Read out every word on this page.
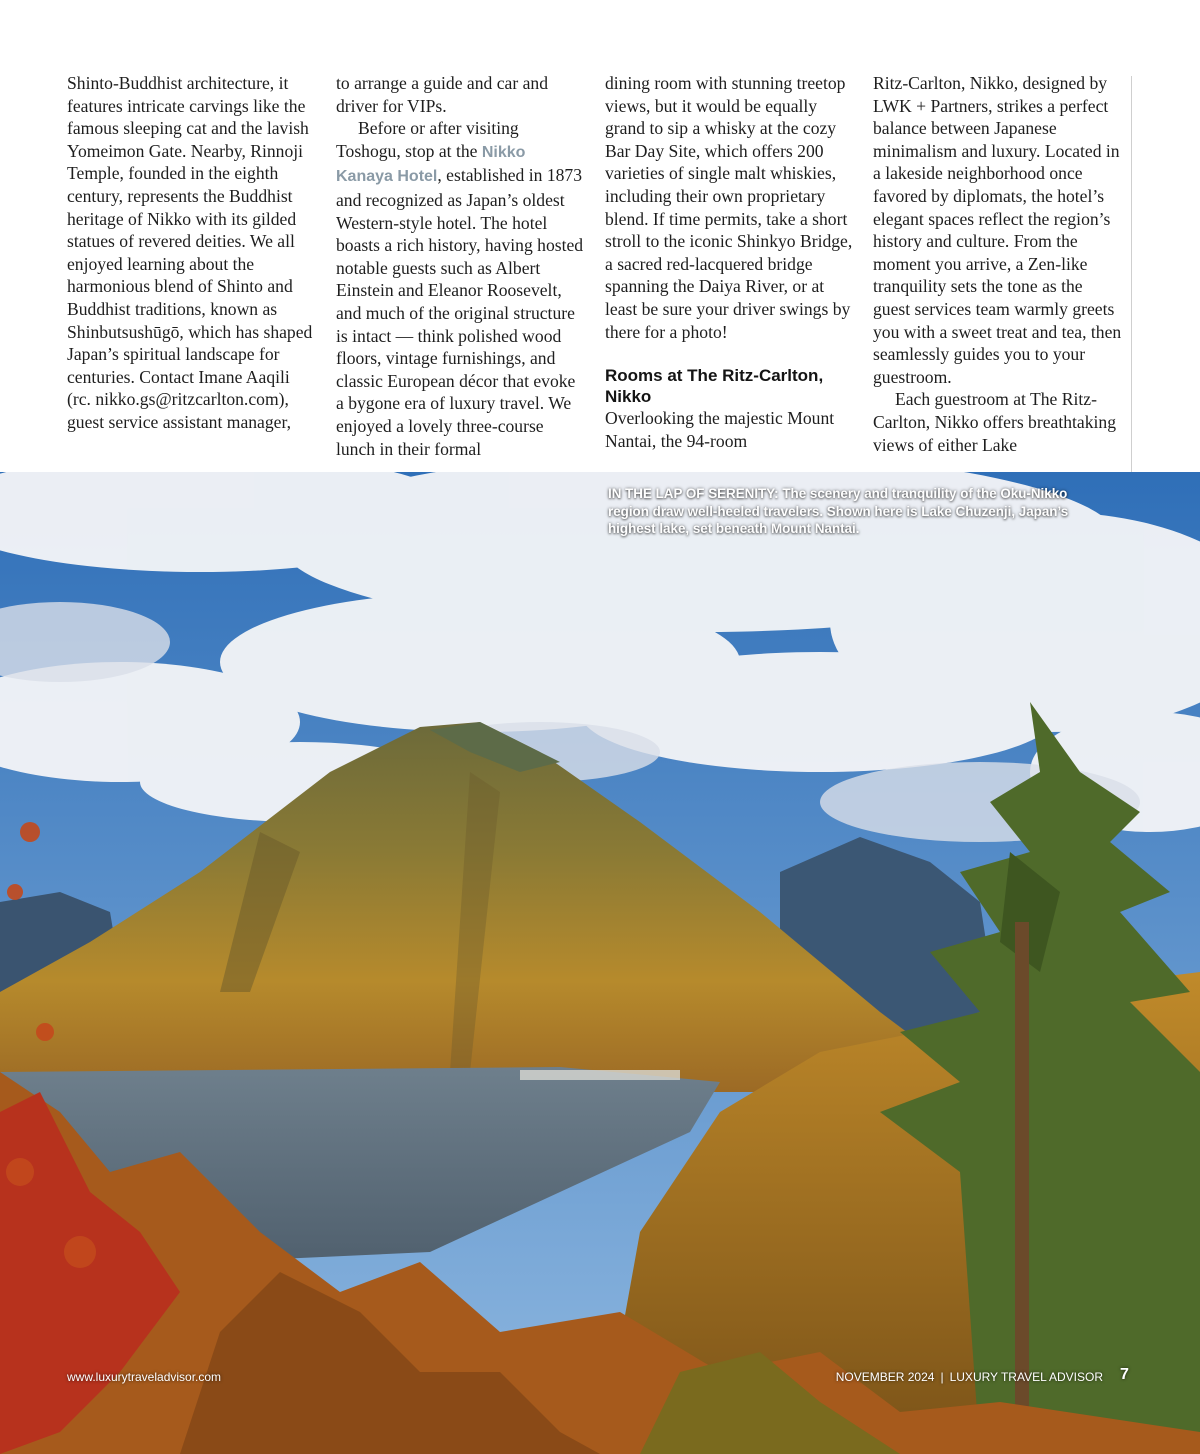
Shinto-Buddhist architecture, it features intricate carvings like the famous sleeping cat and the lavish Yomeimon Gate. Nearby, Rinnoji Temple, founded in the eighth century, represents the Buddhist heritage of Nikko with its gilded statues of revered deities. We all enjoyed learning about the harmonious blend of Shinto and Buddhist traditions, known as Shinbutsushūgō, which has shaped Japan’s spiritual landscape for centuries. Contact Imane Aaqili (rc. nikko.gs@ritzcarlton.com), guest service assistant manager,

to arrange a guide and car and driver for VIPs.

Before or after visiting Toshogu, stop at the Nikko Kanaya Hotel, established in 1873 and recognized as Japan’s oldest Western-style hotel. The hotel boasts a rich history, having hosted notable guests such as Albert Einstein and Eleanor Roosevelt, and much of the original structure is intact — think polished wood floors, vintage furnishings, and classic European décor that evoke a bygone era of luxury travel. We enjoyed a lovely three-course lunch in their formal

dining room with stunning treetop views, but it would be equally grand to sip a whisky at the cozy Bar Day Site, which offers 200 varieties of single malt whiskies, including their own proprietary blend. If time permits, take a short stroll to the iconic Shinkyo Bridge, a sacred red-lacquered bridge spanning the Daiya River, or at least be sure your driver swings by there for a photo!

Rooms at The Ritz-Carlton, Nikko

Overlooking the majestic Mount Nantai, the 94-room

Ritz-Carlton, Nikko, designed by LWK + Partners, strikes a perfect balance between Japanese minimalism and luxury. Located in a lakeside neighborhood once favored by diplomats, the hotel’s elegant spaces reflect the region’s history and culture. From the moment you arrive, a Zen-like tranquility sets the tone as the guest services team warmly greets you with a sweet treat and tea, then seamlessly guides you to your guestroom.

Each guestroom at The Ritz-Carlton, Nikko offers breathtaking views of either Lake

IN THE LAP OF SERENITY: The scenery and tranquility of the Oku-Nikko region draw well-heeled travelers. Shown here is Lake Chuzenji, Japan’s highest lake, set beneath Mount Nantai.
www.luxurytraveladvisor.com	NOVEMBER 2024 | LUXURY TRAVEL ADVISOR 7
